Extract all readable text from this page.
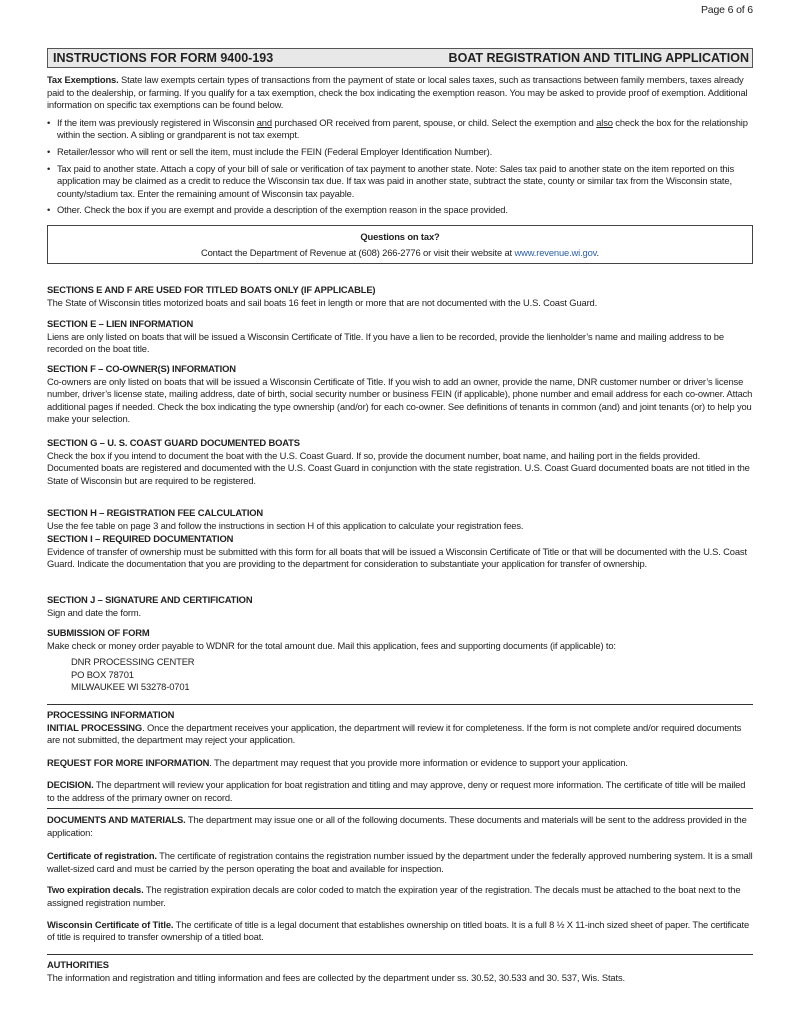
Page 6 of 6
INSTRUCTIONS FOR FORM 9400-193	BOAT REGISTRATION AND TITLING APPLICATION

Tax Exemptions. State law exempts certain types of transactions from the payment of state or local sales taxes, such as transactions between family members, taxes already paid to the dealership, or farming. If you qualify for a tax exemption, check the box indicating the exemption reason. You may be asked to provide proof of exemption. Additional information on specific tax exemptions can be found below.

• If the item was previously registered in Wisconsin and purchased OR received from parent, spouse, or child. Select the exemption and also check the box for the relationship within the section. A sibling or grandparent is not tax exempt.

• Retailer/lessor who will rent or sell the item, must include the FEIN (Federal Employer Identification Number).

• Tax paid to another state. Attach a copy of your bill of sale or verification of tax payment to another state. Note: Sales tax paid to another state on the item reported on this application may be claimed as a credit to reduce the Wisconsin tax due. If tax was paid in another state, subtract the state, county or similar tax from the Wisconsin state, county/stadium tax. Enter the remaining amount of Wisconsin tax payable.

• Other. Check the box if you are exempt and provide a description of the exemption reason in the space provided.

Questions on tax?
Contact the Department of Revenue at (608) 266-2776 or visit their website at www.revenue.wi.gov.

SECTIONS E AND F ARE USED FOR TITLED BOATS ONLY (IF APPLICABLE)

The State of Wisconsin titles motorized boats and sail boats 16 feet in length or more that are not documented with the U.S. Coast Guard.

SECTION E – LIEN INFORMATION

Liens are only listed on boats that will be issued a Wisconsin Certificate of Title. If you have a lien to be recorded, provide the lienholder’s name and mailing address to be recorded on the boat title.

SECTION F – CO-OWNER(S) INFORMATION

Co-owners are only listed on boats that will be issued a Wisconsin Certificate of Title. If you wish to add an owner, provide the name, DNR customer number or driver’s license number, driver’s license state, mailing address, date of birth, social security number or business FEIN (if applicable), phone number and email address for each co-owner. Attach additional pages if needed. Check the box indicating the type ownership (and/or) for each co-owner. See definitions of tenants in common (and) and joint tenants (or) to help you make your selection.

SECTION G – U. S. COAST GUARD DOCUMENTED BOATS

Check the box if you intend to document the boat with the U.S. Coast Guard. If so, provide the document number, boat name, and hailing port in the fields provided. Documented boats are registered and documented with the U.S. Coast Guard in conjunction with the state registration. U.S. Coast Guard documented boats are not titled in the State of Wisconsin but are required to be registered.

SECTION H – REGISTRATION FEE CALCULATION

Use the fee table on page 3 and follow the instructions in section H of this application to calculate your registration fees.

SECTION I – REQUIRED DOCUMENTATION

Evidence of transfer of ownership must be submitted with this form for all boats that will be issued a Wisconsin Certificate of Title or that will be documented with the U.S. Coast Guard. Indicate the documentation that you are providing to the department for consideration to substantiate your application for transfer of ownership.

SECTION J – SIGNATURE AND CERTIFICATION

Sign and date the form.

SUBMISSION OF FORM

Make check or money order payable to WDNR for the total amount due. Mail this application, fees and supporting documents (if applicable) to:

DNR PROCESSING CENTER

PO BOX 78701

MILWAUKEE WI 53278-0701

PROCESSING INFORMATION

INITIAL PROCESSING. Once the department receives your application, the department will review it for completeness. If the form is not complete and/or required documents are not submitted, the department may reject your application.

REQUEST FOR MORE INFORMATION. The department may request that you provide more information or evidence to support your application.

DECISION. The department will review your application for boat registration and titling and may approve, deny or request more information. The certificate of title will be mailed to the address of the primary owner on record.

DOCUMENTS AND MATERIALS. The department may issue one or all of the following documents. These documents and materials will be sent to the address provided in the application:

Certificate of registration. The certificate of registration contains the registration number issued by the department under the federally approved numbering system. It is a small wallet-sized card and must be carried by the person operating the boat and available for inspection.

Two expiration decals. The registration expiration decals are color coded to match the expiration year of the registration. The decals must be attached to the boat next to the assigned registration number.

Wisconsin Certificate of Title. The certificate of title is a legal document that establishes ownership on titled boats. It is a full 8 ½ X 11-inch sized sheet of paper. The certificate of title is required to transfer ownership of a titled boat.

AUTHORITIES

The information and registration and titling information and fees are collected by the department under ss. 30.52, 30.533 and 30. 537, Wis. Stats.
